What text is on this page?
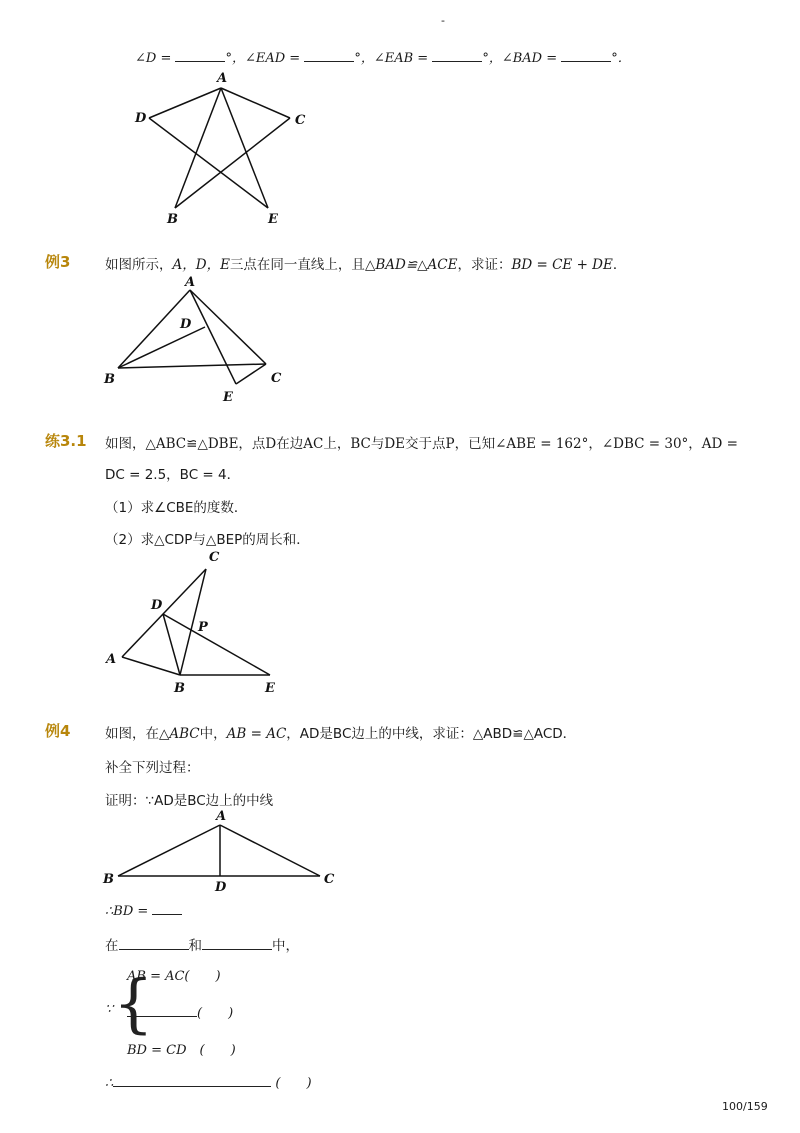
-
∠D =	°，∠EAD =	°，∠EAB =	°，∠BAD =	°．
A
D	C
B	E
例3	如图所示，A，D，E三点在同一直线上，且△BAD≌△ACE，求证：BD = CE + DE．
A
D
B	C
E
练3.1 如图，△ABC≌△DBE，点D在边AC上，BC与DE交于点P，已知∠ABE = 162°，∠DBC = 30°，AD =
DC = 2.5，BC = 4．
（1）求∠CBE的度数．
（2）求△CDP与△BEP的周长和．
C
D
P
A
B	E
例4	如图，在△ABC中，AB = AC，AD是BC边上的中线，求证：△ABD≌△ACD．
补全下列过程：
证明：∵AD是BC边上的中线
A
B
D
C
∴BD =
在	和	中，
∵ {
AB = AC(　　)
(　　)
BD = CD　(　　)
∴	(　　)
100/159
